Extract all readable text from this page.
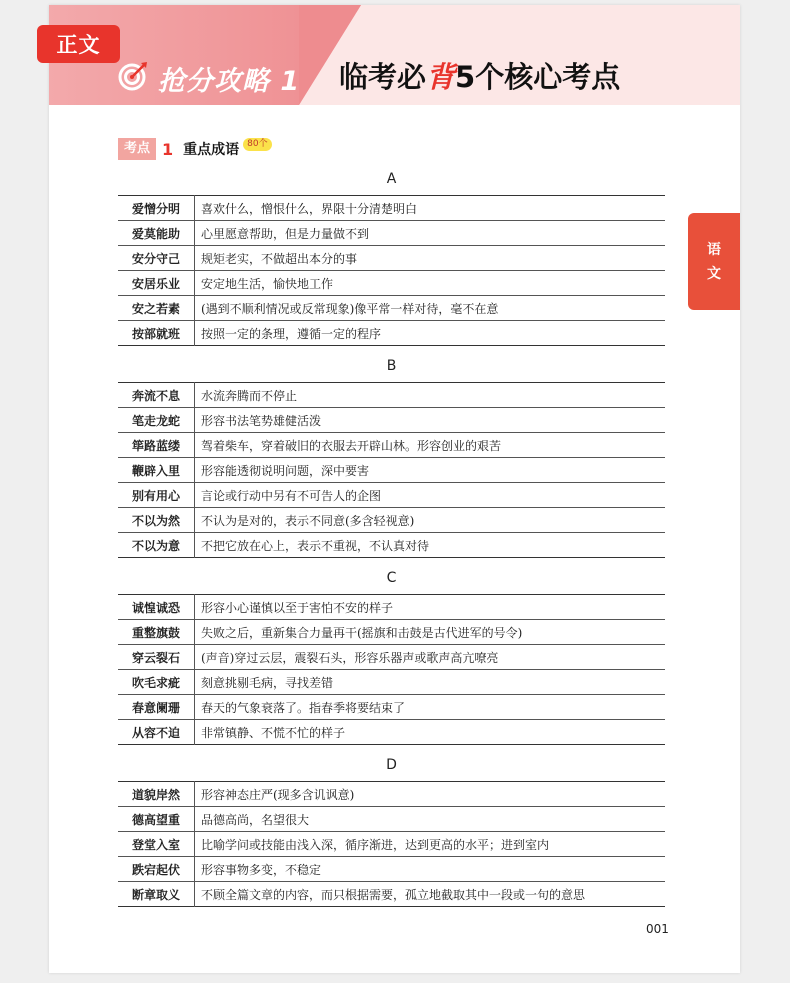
正文
抢分攻略 1 临考必背5个核心考点
001
语
文
考点 1 重点成语 80个
A
爱憎分明	喜欢什么，憎恨什么，界限十分清楚明白
爱莫能助	心里愿意帮助，但是力量做不到
安分守己	规矩老实，不做超出本分的事
安居乐业	安定地生活，愉快地工作
安之若素	(遇到不顺利情况或反常现象)像平常一样对待，毫不在意
按部就班	按照一定的条理，遵循一定的程序
B
奔流不息	水流奔腾而不停止
笔走龙蛇	形容书法笔势雄健活泼
筚路蓝缕	驾着柴车，穿着破旧的衣服去开辟山林。形容创业的艰苦
鞭辟入里	形容能透彻说明问题，深中要害
别有用心	言论或行动中另有不可告人的企图
不以为然	不认为是对的，表示不同意(多含轻视意)
不以为意	不把它放在心上，表示不重视，不认真对待
C
诚惶诚恐	形容小心谨慎以至于害怕不安的样子
重整旗鼓	失败之后，重新集合力量再干(摇旗和击鼓是古代进军的号令)
穿云裂石	(声音)穿过云层，震裂石头，形容乐器声或歌声高亢嘹亮
吹毛求疵	刻意挑剔毛病，寻找差错
春意阑珊	春天的气象衰落了。指春季将要结束了
从容不迫	非常镇静、不慌不忙的样子
D
道貌岸然	形容神态庄严(现多含讥讽意)
德高望重	品德高尚，名望很大
登堂入室	比喻学问或技能由浅入深，循序渐进，达到更高的水平；进到室内
跌宕起伏	形容事物多变，不稳定
断章取义	不顾全篇文章的内容，而只根据需要，孤立地截取其中一段或一句的意思
